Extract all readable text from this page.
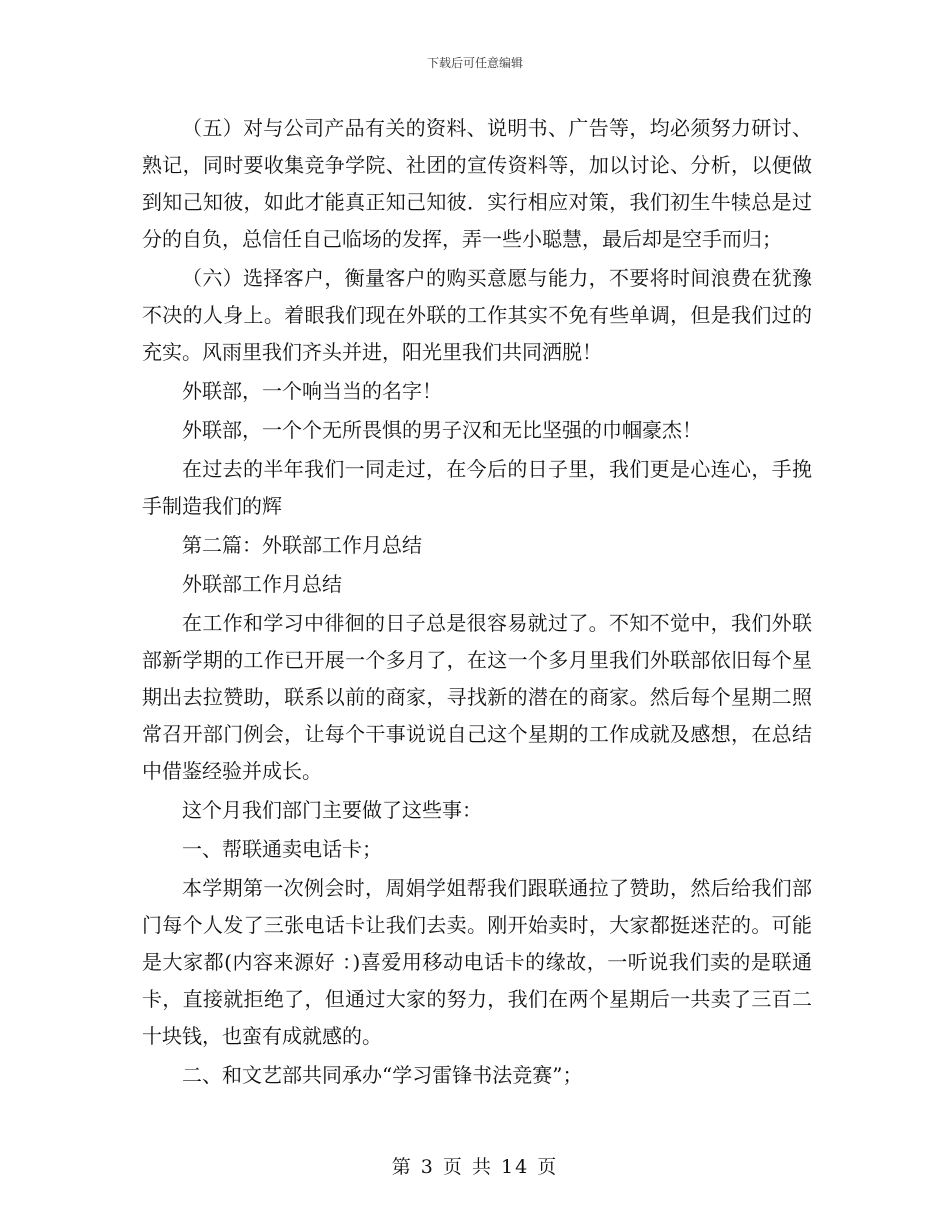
下载后可任意编辑

（五）对与公司产品有关的资料、说明书、广告等，均必须努力研讨、熟记，同时要收集竞争学院、社团的宣传资料等，加以讨论、分析，以便做到知己知彼，如此才能真正知己知彼．实行相应对策，我们初生牛犊总是过分的自负，总信任自己临场的发挥，弄一些小聪慧，最后却是空手而归；

（六）选择客户，衡量客户的购买意愿与能力，不要将时间浪费在犹豫不决的人身上。着眼我们现在外联的工作其实不免有些单调，但是我们过的充实。风雨里我们齐头并进，阳光里我们共同洒脱！

外联部，一个响当当的名字！

外联部，一个个无所畏惧的男子汉和无比坚强的巾帼豪杰！

在过去的半年我们一同走过，在今后的日子里，我们更是心连心，手挽手制造我们的辉

第二篇：外联部工作月总结

外联部工作月总结

在工作和学习中徘徊的日子总是很容易就过了。不知不觉中，我们外联部新学期的工作已开展一个多月了，在这一个多月里我们外联部依旧每个星期出去拉赞助，联系以前的商家，寻找新的潜在的商家。然后每个星期二照常召开部门例会，让每个干事说说自己这个星期的工作成就及感想，在总结中借鉴经验并成长。

这个月我们部门主要做了这些事：

一、帮联通卖电话卡；

本学期第一次例会时，周娟学姐帮我们跟联通拉了赞助，然后给我们部门每个人发了三张电话卡让我们去卖。刚开始卖时，大家都挺迷茫的。可能是大家都(内容来源好 ：)喜爱用移动电话卡的缘故，一听说我们卖的是联通卡，直接就拒绝了，但通过大家的努力，我们在两个星期后一共卖了三百二十块钱，也蛮有成就感的。

二、和文艺部共同承办“学习雷锋书法竞赛”；

第 3 页 共 14 页
